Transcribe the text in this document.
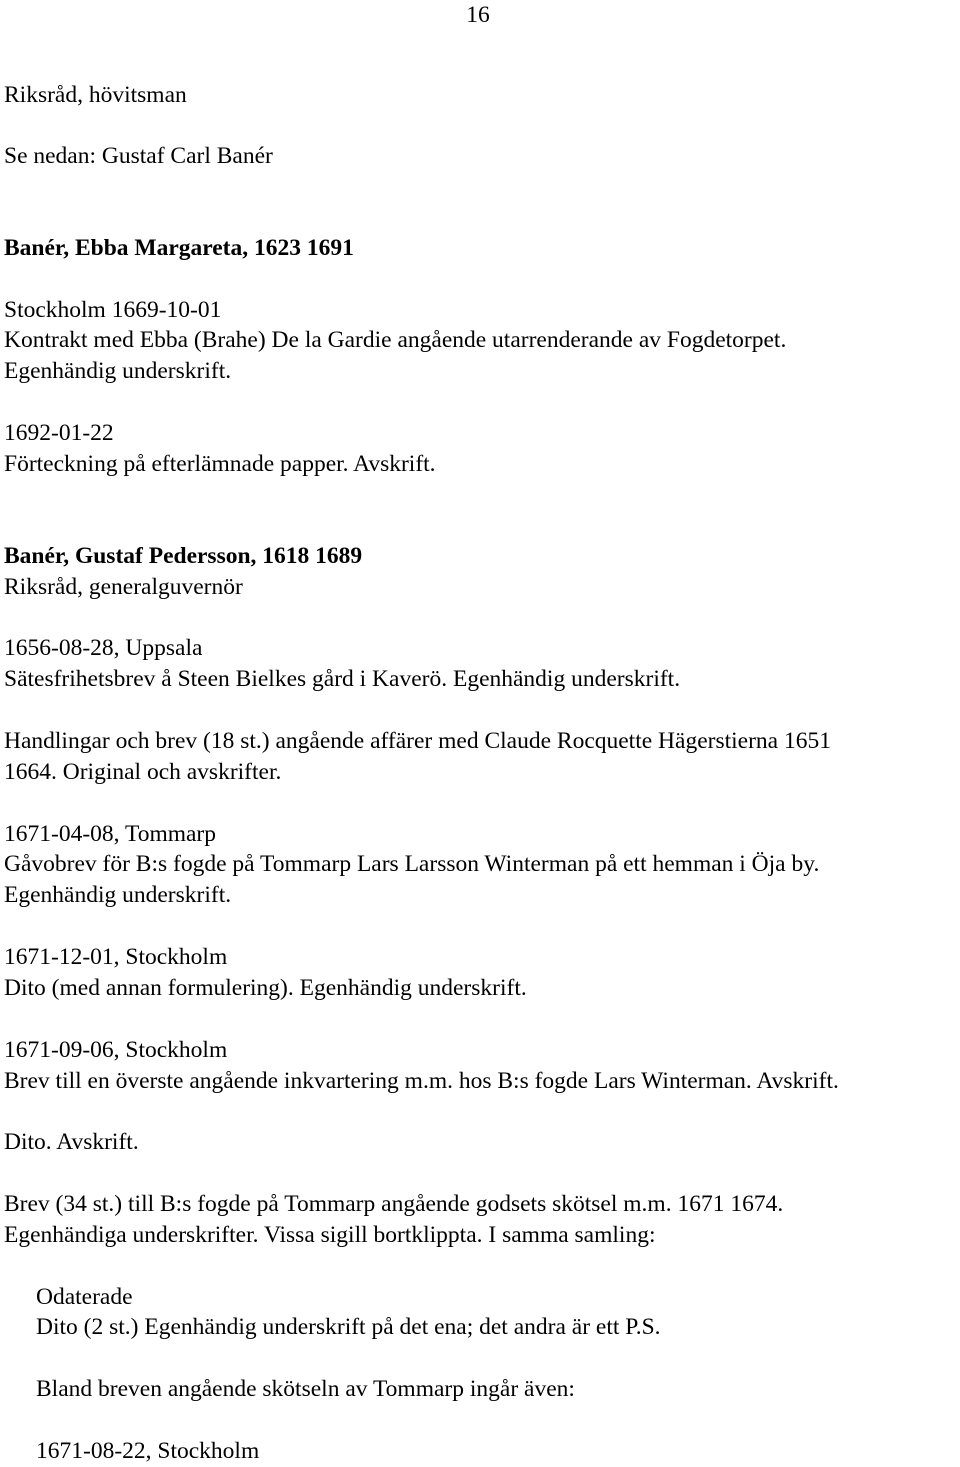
16
Riksråd, hövitsman
Se nedan: Gustaf Carl Banér
Banér, Ebba Margareta, 1623 1691
Stockholm 1669-10-01
Kontrakt med Ebba (Brahe) De la Gardie angående utarrenderande av Fogdetorpet.
Egenhändig underskrift.
1692-01-22
Förteckning på efterlämnade papper. Avskrift.
Banér, Gustaf Pedersson, 1618 1689
Riksråd, generalguvernör
1656-08-28, Uppsala
Sätesfrihetsbrev å Steen Bielkes gård i Kaverö. Egenhändig underskrift.
Handlingar och brev (18 st.) angående affärer med Claude Rocquette Hägerstierna 1651
1664. Original och avskrifter.
1671-04-08, Tommarp
Gåvobrev för B:s fogde på Tommarp Lars Larsson Winterman på ett hemman i Öja by.
Egenhändig underskrift.
1671-12-01, Stockholm
Dito (med annan formulering). Egenhändig underskrift.
1671-09-06, Stockholm
Brev till en överste angående inkvartering m.m. hos B:s fogde Lars Winterman. Avskrift.
Dito. Avskrift.
Brev (34 st.) till B:s fogde på Tommarp angående godsets skötsel m.m. 1671 1674.
Egenhändiga underskrifter. Vissa sigill bortklippta. I samma samling:
Odaterade
Dito (2 st.) Egenhändig underskrift på det ena; det andra är ett P.S.
Bland breven angående skötseln av Tommarp ingår även:
1671-08-22, Stockholm
